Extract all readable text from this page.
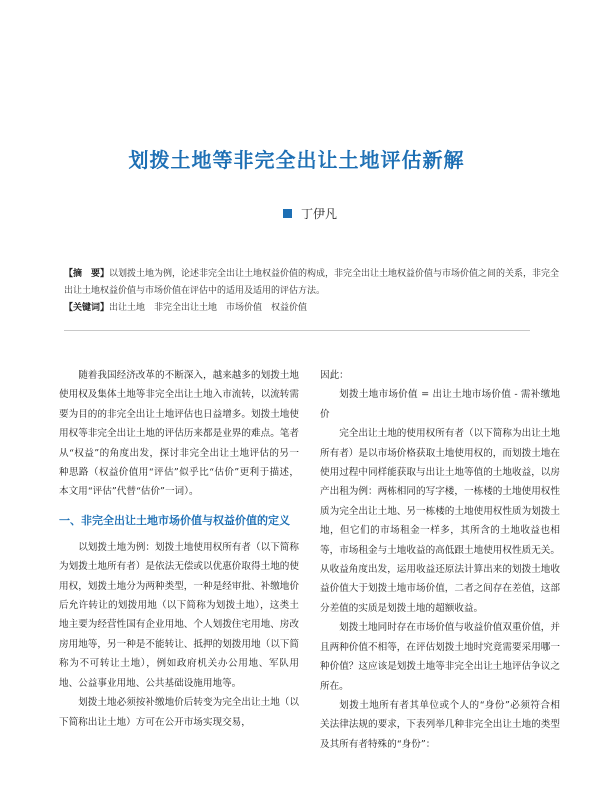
划拨土地等非完全出让土地评估新解
丁伊凡
【摘　要】以划拨土地为例，论述非完全出让土地权益价值的构成，非完全出让土地权益价值与市场价值之间的关系，非完全出让土地权益价值与市场价值在评估中的适用及适用的评估方法。
【关键词】出让土地　非完全出让土地　市场价值　权益价值

随着我国经济改革的不断深入，越来越多的划拨土地使用权及集体土地等非完全出让土地入市流转，以流转需要为目的的非完全出让土地评估也日益增多。划拨土地使用权等非完全出让土地的评估历来都是业界的难点。笔者从“权益”的角度出发，探讨非完全出让土地评估的另一种思路（权益价值用“评估”似乎比“估价”更利于描述，本文用“评估”代替“估价”一词）。

一、非完全出让土地市场价值与权益价值的定义

以划拨土地为例：划拨土地使用权所有者（以下简称为划拨土地所有者）是依法无偿或以优惠价取得土地的使用权，划拨土地分为两种类型，一种是经审批、补缴地价后允许转让的划拨用地（以下简称为划拨土地），这类土地主要为经营性国有企业用地、个人划拨住宅用地、房改房用地等，另一种是不能转让、抵押的划拨用地（以下简称为不可转让土地），例如政府机关办公用地、军队用地、公益事业用地、公共基础设施用地等。

划拨土地必须按补缴地价后转变为完全出让土地（以下简称出让土地）方可在公开市场实现交易，

因此：

划拨土地市场价值 = 出让土地市场价值 - 需补缴地价

完全出让土地的使用权所有者（以下简称为出让土地所有者）是以市场价格获取土地使用权的，而划拨土地在使用过程中同样能获取与出让土地等值的土地收益，以房产出租为例：两栋相同的写字楼，一栋楼的土地使用权性质为完全出让土地、另一栋楼的土地使用权性质为划拨土地，但它们的市场租金一样多，其所含的土地收益也相等，市场租金与土地收益的高低跟土地使用权性质无关。从收益角度出发，运用收益还原法计算出来的划拨土地收益价值大于划拨土地市场价值，二者之间存在差值，这部分差值的实质是划拨土地的超额收益。

划拨土地同时存在市场价值与收益价值双重价值，并且两种价值不相等，在评估划拨土地时究竟需要采用哪一种价值？这应该是划拨土地等非完全出让土地评估争议之所在。

划拨土地所有者其单位或个人的“身份”必须符合相关法律法规的要求，下表列举几种非完全出让土地的类型及其所有者特殊的“身份”：
